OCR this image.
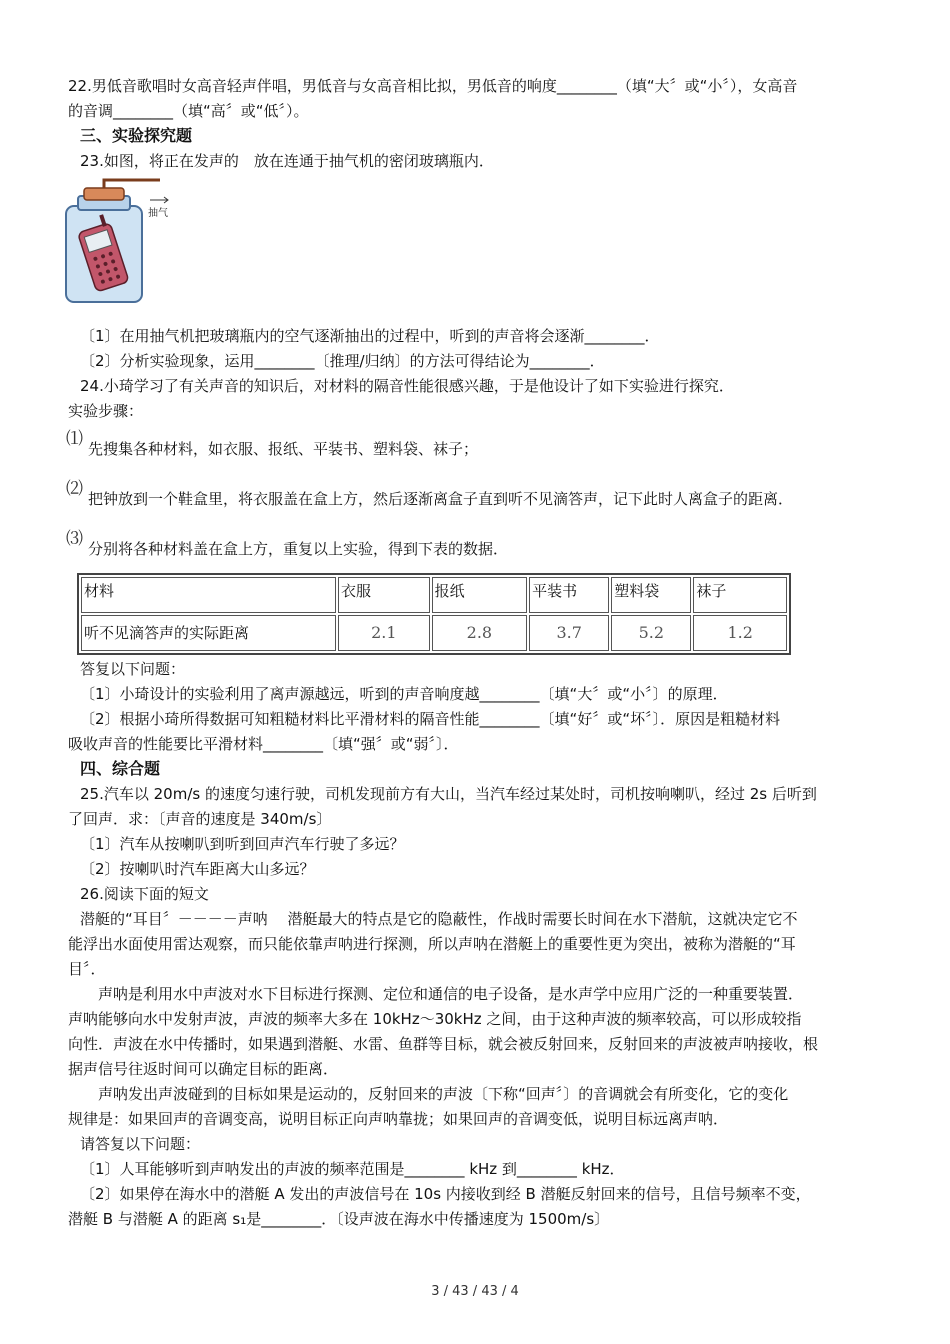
22.男低音歌唱时女高音轻声伴唱，男低音与女高音相比拟，男低音的响度________（填“大〞或“小〞），女高音
的音调________（填“高〞或“低〞）。
三、实验探究题
23.如图，将正在发声的　放在连通于抽气机的密闭玻璃瓶内．
抽气
〔1〕在用抽气机把玻璃瓶内的空气逐渐抽出的过程中，听到的声音将会逐渐________．
〔2〕分析实验现象，运用________〔推理/归纳〕的方法可得结论为________．
24.小琦学习了有关声音的知识后，对材料的隔音性能很感兴趣，于是他设计了如下实验进行探究．
实验步骤：
⑴ 先搜集各种材料，如衣服、报纸、平装书、塑料袋、袜子；
⑵ 把钟放到一个鞋盒里，将衣服盖在盒上方，然后逐渐离盒子直到听不见滴答声，记下此时人离盒子的距离．
⑶ 分别将各种材料盖在盒上方，重复以上实验，得到下表的数据．
材料	衣服	报纸	平装书	塑料袋	袜子
听不见滴答声的实际距离	2.1	2.8	3.7	5.2	1.2
答复以下问题：
〔1〕小琦设计的实验利用了离声源越远，听到的声音响度越________〔填“大〞或“小〞〕的原理．
〔2〕根据小琦所得数据可知粗糙材料比平滑材料的隔音性能________〔填“好〞或“坏〞〕．原因是粗糙材料
吸收声音的性能要比平滑材料________〔填“强〞或“弱〞〕．
四、综合题
25.汽车以 20m/s 的速度匀速行驶，司机发现前方有大山，当汽车经过某处时，司机按响喇叭，经过 2s 后听到
了回声．求：〔声音的速度是 340m/s〕
〔1〕汽车从按喇叭到听到回声汽车行驶了多远？
〔2〕按喇叭时汽车距离大山多远？
26.阅读下面的短文
潜艇的“耳目〞－－－－声呐　 潜艇最大的特点是它的隐蔽性，作战时需要长时间在水下潜航，这就决定它不
能浮出水面使用雷达观察，而只能依靠声呐进行探测，所以声呐在潜艇上的重要性更为突出，被称为潜艇的“耳
目〞．
　　声呐是利用水中声波对水下目标进行探测、定位和通信的电子设备，是水声学中应用广泛的一种重要装置．
声呐能够向水中发射声波，声波的频率大多在 10kHz～30kHz 之间，由于这种声波的频率较高，可以形成较指
向性．声波在水中传播时，如果遇到潜艇、水雷、鱼群等目标，就会被反射回来，反射回来的声波被声呐接收，根
据声信号往返时间可以确定目标的距离．
　　声呐发出声波碰到的目标如果是运动的，反射回来的声波〔下称“回声〞〕的音调就会有所变化，它的变化
规律是：如果回声的音调变高，说明目标正向声呐靠拢；如果回声的音调变低，说明目标远离声呐．
请答复以下问题：
〔1〕人耳能够听到声呐发出的声波的频率范围是________ kHz 到________ kHz．
〔2〕如果停在海水中的潜艇 A 发出的声波信号在 10s 内接收到经 B 潜艇反射回来的信号，且信号频率不变，
潜艇 B 与潜艇 A 的距离 s₁是________．〔设声波在海水中传播速度为 1500m/s〕
3 / 43 / 43 / 4
